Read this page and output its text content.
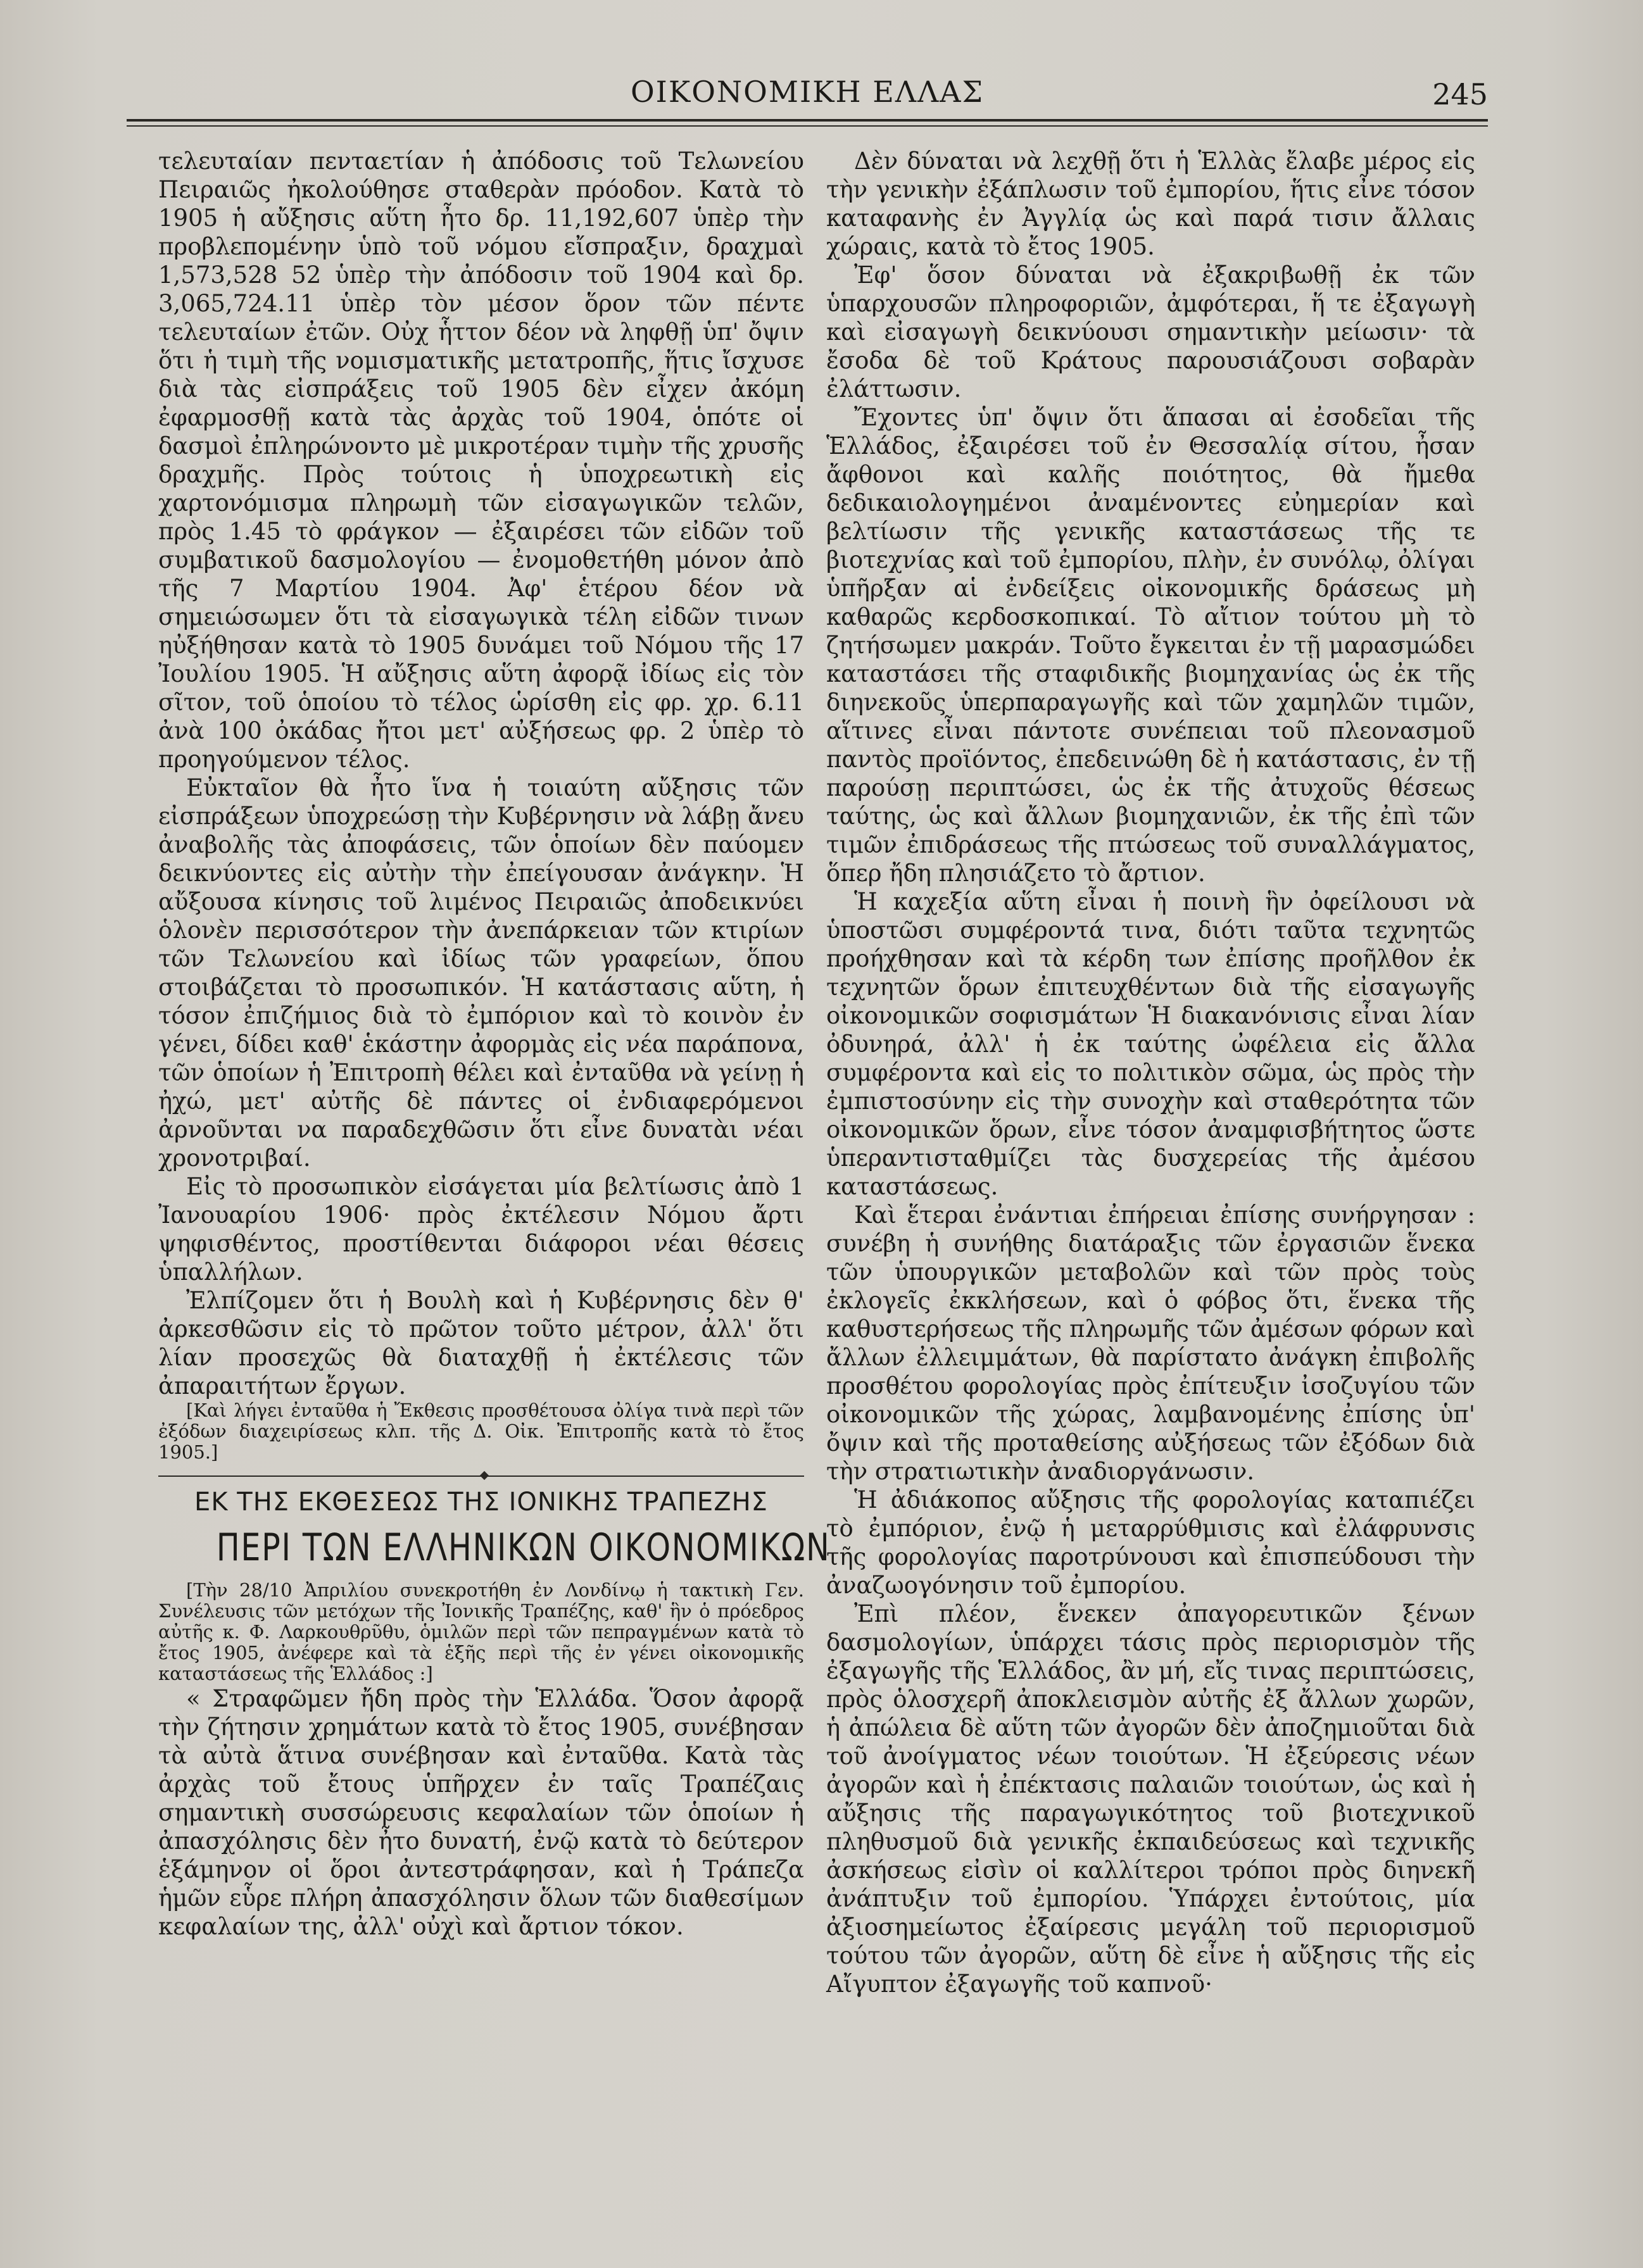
ΟΙΚΟΝΟΜΙΚΗ ΕΛΛΑΣ	245

τελευταίαν πενταετίαν ἡ ἀπόδοσις τοῦ Τελωνείου Πειραιῶς ἠκολούθησε σταθερὰν πρόοδον. Κατὰ τὸ 1905 ἡ αὔξησις αὕτη ἦτο δρ. 11,192,607 ὑπὲρ τὴν προβλεπομένην ὑπὸ τοῦ νόμου εἴσπραξιν, δραχμαὶ 1,573,528 52 ὑπὲρ τὴν ἀπόδοσιν τοῦ 1904 καὶ δρ. 3,065,724.11 ὑπὲρ τὸν μέσον ὅρον τῶν πέντε τελευταίων ἐτῶν. Οὐχ ἧττον δέον νὰ ληφθῇ ὑπ' ὄψιν ὅτι ἡ τιμὴ τῆς νομισματικῆς μετατροπῆς, ἥτις ἴσχυσε διὰ τὰς εἰσπράξεις τοῦ 1905 δὲν εἶχεν ἀκόμη ἐφαρμοσθῇ κατὰ τὰς ἀρχὰς τοῦ 1904, ὁπότε οἱ δασμοὶ ἐπληρώνοντο μὲ μικροτέραν τιμὴν τῆς χρυσῆς δραχμῆς. Πρὸς τούτοις ἡ ὑποχρεωτικὴ εἰς χαρτονόμισμα πληρωμὴ τῶν εἰσαγωγικῶν τελῶν, πρὸς 1.45 τὸ φράγκον — ἐξαιρέσει τῶν εἰδῶν τοῦ συμβατικοῦ δασμολογίου — ἐνομοθετήθη μόνον ἀπὸ τῆς 7 Μαρτίου 1904. Ἀφ' ἑτέρου δέον νὰ σημειώσωμεν ὅτι τὰ εἰσαγωγικὰ τέλη εἰδῶν τινων ηὐξήθησαν κατὰ τὸ 1905 δυνάμει τοῦ Νόμου τῆς 17 Ἰουλίου 1905. Ἡ αὔξησις αὕτη ἀφορᾷ ἰδίως εἰς τὸν σῖτον, τοῦ ὁποίου τὸ τέλος ὡρίσθη εἰς φρ. χρ. 6.11 ἀνὰ 100 ὀκάδας ἤτοι μετ' αὐξήσεως φρ. 2 ὑπὲρ τὸ προηγούμενον τέλος.

Εὐκταῖον θὰ ἦτο ἵνα ἡ τοιαύτη αὔξησις τῶν εἰσπράξεων ὑποχρεώσῃ τὴν Κυβέρνησιν νὰ λάβῃ ἄνευ ἀναβολῆς τὰς ἀποφάσεις, τῶν ὁποίων δὲν παύομεν δεικνύοντες εἰς αὐτὴν τὴν ἐπείγουσαν ἀνάγκην. Ἡ αὔξουσα κίνησις τοῦ λιμένος Πειραιῶς ἀποδεικνύει ὁλονὲν περισσότερον τὴν ἀνεπάρκειαν τῶν κτιρίων τῶν Τελωνείου καὶ ἰδίως τῶν γραφείων, ὅπου στοιβάζεται τὸ προσωπικόν. Ἡ κατάστασις αὕτη, ἡ τόσον ἐπιζήμιος διὰ τὸ ἐμπόριον καὶ τὸ κοινὸν ἐν γένει, δίδει καθ' ἑκάστην ἀφορμὰς εἰς νέα παράπονα, τῶν ὁποίων ἡ Ἐπιτροπὴ θέλει καὶ ἐνταῦθα νὰ γείνῃ ἡ ἠχώ, μετ' αὐτῆς δὲ πάντες οἱ ἐνδιαφερόμενοι ἀρνοῦνται να παραδεχθῶσιν ὅτι εἶνε δυνατὰι νέαι χρονοτριβαί.

Εἰς τὸ προσωπικὸν εἰσάγεται μία βελτίωσις ἀπὸ 1 Ἰανουαρίου 1906· πρὸς ἐκτέλεσιν Νόμου ἄρτι ψηφισθέντος, προστίθενται διάφοροι νέαι θέσεις ὑπαλλήλων.

Ἐλπίζομεν ὅτι ἡ Βουλὴ καὶ ἡ Κυβέρνησις δὲν θ' ἀρκεσθῶσιν εἰς τὸ πρῶτον τοῦτο μέτρον, ἀλλ' ὅτι λίαν προσεχῶς θὰ διαταχθῇ ἡ ἐκτέλεσις τῶν ἀπαραιτήτων ἔργων.

[Καὶ λήγει ἐνταῦθα ἡ Ἔκθεσις προσθέτουσα ὀλίγα τινὰ περὶ τῶν ἐξόδων διαχειρίσεως κλπ. τῆς Δ. Οἰκ. Ἐπιτροπῆς κατὰ τὸ ἔτος 1905.]

ΕΚ ΤΗΣ ΕΚΘΕΣΕΩΣ ΤΗΣ ΙΟΝΙΚΗΣ ΤΡΑΠΕΖΗΣ
ΠΕΡΙ ΤΩΝ ΕΛΛΗΝΙΚΩΝ ΟΙΚΟΝΟΜΙΚΩΝ

[Τὴν 28/10 Ἀπριλίου συνεκροτήθη ἐν Λονδίνῳ ἡ τακτικὴ Γεν. Συνέλευσις τῶν μετόχων τῆς Ἰονικῆς Τραπέζης, καθ' ἣν ὁ πρόεδρος αὐτῆς κ. Φ. Λαρκουθρῦθυ, ὁμιλῶν περὶ τῶν πεπραγμένων κατὰ τὸ ἔτος 1905, ἀνέφερε καὶ τὰ ἑξῆς περὶ τῆς ἐν γένει οἰκονομικῆς καταστάσεως τῆς Ἑλλάδος :]

« Στραφῶμεν ἤδη πρὸς τὴν Ἑλλάδα. Ὅσον ἀφορᾷ τὴν ζήτησιν χρημάτων κατὰ τὸ ἔτος 1905, συνέβησαν τὰ αὐτὰ ἅτινα συνέβησαν καὶ ἐνταῦθα. Κατὰ τὰς ἀρχὰς τοῦ ἔτους ὑπῆρχεν ἐν ταῖς Τραπέζαις σημαντικὴ συσσώρευσις κεφαλαίων τῶν ὁποίων ἡ ἀπασχόλησις δὲν ἦτο δυνατή, ἐνῷ κατὰ τὸ δεύτερον ἑξάμηνον οἱ ὅροι ἀντεστράφησαν, καὶ ἡ Τράπεζα ἡμῶν εὗρε πλήρη ἀπασχόλησιν ὅλων τῶν διαθεσίμων κεφαλαίων της, ἀλλ' οὐχὶ καὶ ἄρτιον τόκον.

Δὲν δύναται νὰ λεχθῇ ὅτι ἡ Ἑλλὰς ἔλαβε μέρος εἰς τὴν γενικὴν ἐξάπλωσιν τοῦ ἐμπορίου, ἥτις εἶνε τόσον καταφανὴς ἐν Ἀγγλίᾳ ὡς καὶ παρά τισιν ἄλλαις χώραις, κατὰ τὸ ἔτος 1905.

Ἐφ' ὅσον δύναται νὰ ἐξακριβωθῇ ἐκ τῶν ὑπαρχουσῶν πληροφοριῶν, ἀμφότεραι, ἥ τε ἐξαγωγὴ καὶ εἰσαγωγὴ δεικνύουσι σημαντικὴν μείωσιν· τὰ ἔσοδα δὲ τοῦ Κράτους παρουσιάζουσι σοβαρὰν ἐλάττωσιν.

Ἔχοντες ὑπ' ὄψιν ὅτι ἅπασαι αἱ ἐσοδεῖαι τῆς Ἑλλάδος, ἐξαιρέσει τοῦ ἐν Θεσσαλίᾳ σίτου, ἦσαν ἄφθονοι καὶ καλῆς ποιότητος, θὰ ἤμεθα δεδικαιολογημένοι ἀναμένοντες εὐημερίαν καὶ βελτίωσιν τῆς γενικῆς καταστάσεως τῆς τε βιοτεχνίας καὶ τοῦ ἐμπορίου, πλὴν, ἐν συνόλῳ, ὀλίγαι ὑπῆρξαν αἱ ἐνδείξεις οἰκονομικῆς δράσεως μὴ καθαρῶς κερδοσκοπικαί. Τὸ αἴτιον τούτου μὴ τὸ ζητήσωμεν μακράν. Τοῦτο ἔγκειται ἐν τῇ μαρασμώδει καταστάσει τῆς σταφιδικῆς βιομηχανίας ὡς ἐκ τῆς διηνεκοῦς ὑπερπαραγωγῆς καὶ τῶν χαμηλῶν τιμῶν, αἵτινες εἶναι πάντοτε συνέπειαι τοῦ πλεονασμοῦ παντὸς προϊόντος, ἐπεδεινώθη δὲ ἡ κατάστασις, ἐν τῇ παρούσῃ περιπτώσει, ὡς ἐκ τῆς ἀτυχοῦς θέσεως ταύτης, ὡς καὶ ἄλλων βιομηχανιῶν, ἐκ τῆς ἐπὶ τῶν τιμῶν ἐπιδράσεως τῆς πτώσεως τοῦ συναλλάγματος, ὅπερ ἤδη πλησιάζετο τὸ ἄρτιον.

Ἡ καχεξία αὕτη εἶναι ἡ ποινὴ ἣν ὀφείλουσι νὰ ὑποστῶσι συμφέροντά τινα, διότι ταῦτα τεχνητῶς προήχθησαν καὶ τὰ κέρδη των ἐπίσης προῆλθον ἐκ τεχνητῶν ὅρων ἐπιτευχθέντων διὰ τῆς εἰσαγωγῆς οἰκονομικῶν σοφισμάτων Ἡ διακανόνισις εἶναι λίαν ὀδυνηρά, ἀλλ' ἡ ἐκ ταύτης ὠφέλεια εἰς ἄλλα συμφέροντα καὶ εἰς το πολιτικὸν σῶμα, ὡς πρὸς τὴν ἐμπιστοσύνην εἰς τὴν συνοχὴν καὶ σταθερότητα τῶν οἰκονομικῶν ὅρων, εἶνε τόσον ἀναμφισβήτητος ὥστε ὑπεραντισταθμίζει τὰς δυσχερείας τῆς ἀμέσου καταστάσεως.

Καὶ ἕτεραι ἐνάντιαι ἐπήρειαι ἐπίσης συνήργησαν : συνέβη ἡ συνήθης διατάραξις τῶν ἐργασιῶν ἕνεκα τῶν ὑπουργικῶν μεταβολῶν καὶ τῶν πρὸς τοὺς ἐκλογεῖς ἐκκλήσεων, καὶ ὁ φόβος ὅτι, ἕνεκα τῆς καθυστερήσεως τῆς πληρωμῆς τῶν ἀμέσων φόρων καὶ ἄλλων ἐλλειμμάτων, θὰ παρίστατο ἀνάγκη ἐπιβολῆς προσθέτου φορολογίας πρὸς ἐπίτευξιν ἰσοζυγίου τῶν οἰκονομικῶν τῆς χώρας, λαμβανομένης ἐπίσης ὑπ' ὄψιν καὶ τῆς προταθείσης αὐξήσεως τῶν ἐξόδων διὰ τὴν στρατιωτικὴν ἀναδιοργάνωσιν.

Ἡ ἀδιάκοπος αὔξησις τῆς φορολογίας καταπιέζει τὸ ἐμπόριον, ἐνῷ ἡ μεταρρύθμισις καὶ ἐλάφρυνσις τῆς φορολογίας παροτρύνουσι καὶ ἐπισπεύδουσι τὴν ἀναζωογόνησιν τοῦ ἐμπορίου.

Ἐπὶ πλέον, ἕνεκεν ἀπαγορευτικῶν ξένων δασμολογίων, ὑπάρχει τάσις πρὸς περιορισμὸν τῆς ἐξαγωγῆς τῆς Ἑλλάδος, ἂν μή, εἴς τινας περιπτώσεις, πρὸς ὁλοσχερῆ ἀποκλεισμὸν αὐτῆς ἐξ ἄλλων χωρῶν, ἡ ἀπώλεια δὲ αὕτη τῶν ἀγορῶν δὲν ἀποζημιοῦται διὰ τοῦ ἀνοίγματος νέων τοιούτων. Ἡ ἐξεύρεσις νέων ἀγορῶν καὶ ἡ ἐπέκτασις παλαιῶν τοιούτων, ὡς καὶ ἡ αὔξησις τῆς παραγωγικότητος τοῦ βιοτεχνικοῦ πληθυσμοῦ διὰ γενικῆς ἐκπαιδεύσεως καὶ τεχνικῆς ἀσκήσεως εἰσὶν οἱ καλλίτεροι τρόποι πρὸς διηνεκῆ ἀνάπτυξιν τοῦ ἐμπορίου. Ὑπάρχει ἐντούτοις, μία ἀξιοσημείωτος ἐξαίρεσις μεγάλη τοῦ περιορισμοῦ τούτου τῶν ἀγορῶν, αὕτη δὲ εἶνε ἡ αὔξησις τῆς εἰς Αἴγυπτον ἐξαγωγῆς τοῦ καπνοῦ·
